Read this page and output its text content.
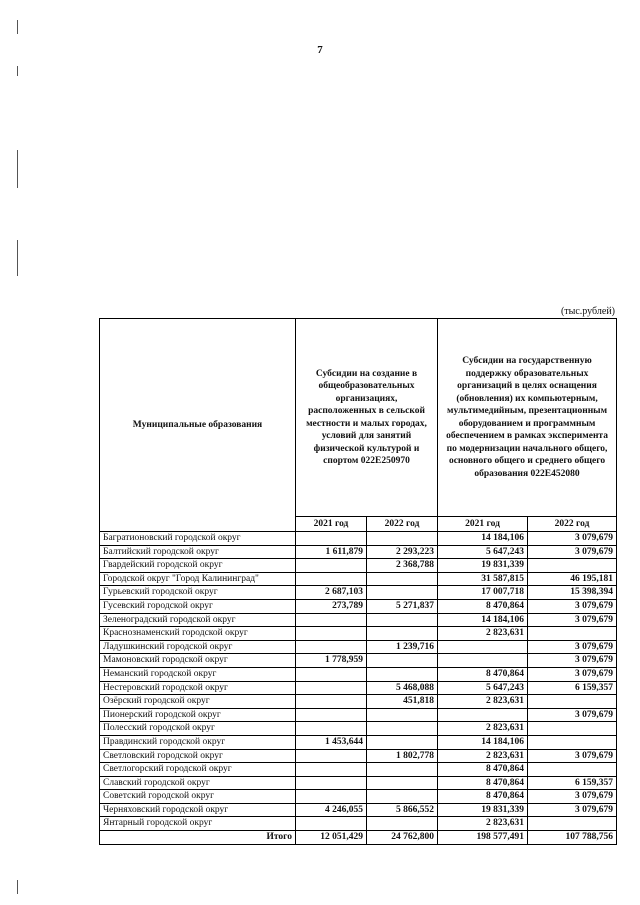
7
(тыс.рублей)
Муниципальные образования	Субсидии на создание в общеобразовательных организациях, расположенных в сельской местности и малых городах, условий для занятий физической культурой и спортом 022E250970		Субсидии на государственную поддержку образовательных организаций в целях оснащения (обновления) их компьютерным, мультимедийным, презентационным оборудованием и программным обеспечением в рамках эксперимента по модернизации начального общего, основного общего и среднего общего образования 022E452080	
	2021 год	2022 год	2021 год	2022 год
Багратионовский городской округ			14 184,106	3 079,679
Балтийский городской округ	1 611,879	2 293,223	5 647,243	3 079,679
Гвардейский городской округ		2 368,788	19 831,339	
Городской округ "Город Калининград"			31 587,815	46 195,181
Гурьевский городской округ	2 687,103		17 007,718	15 398,394
Гусевский городской округ	273,789	5 271,837	8 470,864	3 079,679
Зеленоградский городской округ			14 184,106	3 079,679
Краснознаменский городской округ			2 823,631	
Ладушкинский городской округ		1 239,716		3 079,679
Мамоновский городской округ	1 778,959			3 079,679
Неманский городской округ			8 470,864	3 079,679
Нестеровский городской округ		5 468,088	5 647,243	6 159,357
Озёрский городской округ		451,818	2 823,631	
Пионерский городской округ				3 079,679
Полесский городской округ			2 823,631	
Правдинский городской округ	1 453,644		14 184,106	
Светловский городской округ		1 802,778	2 823,631	3 079,679
Светлогорский городской округ			8 470,864	
Славский городской округ			8 470,864	6 159,357
Советский городской округ			8 470,864	3 079,679
Черняховский городской округ	4 246,055	5 866,552	19 831,339	3 079,679
Янтарный городской округ			2 823,631	
Итого	12 051,429	24 762,800	198 577,491	107 788,756
